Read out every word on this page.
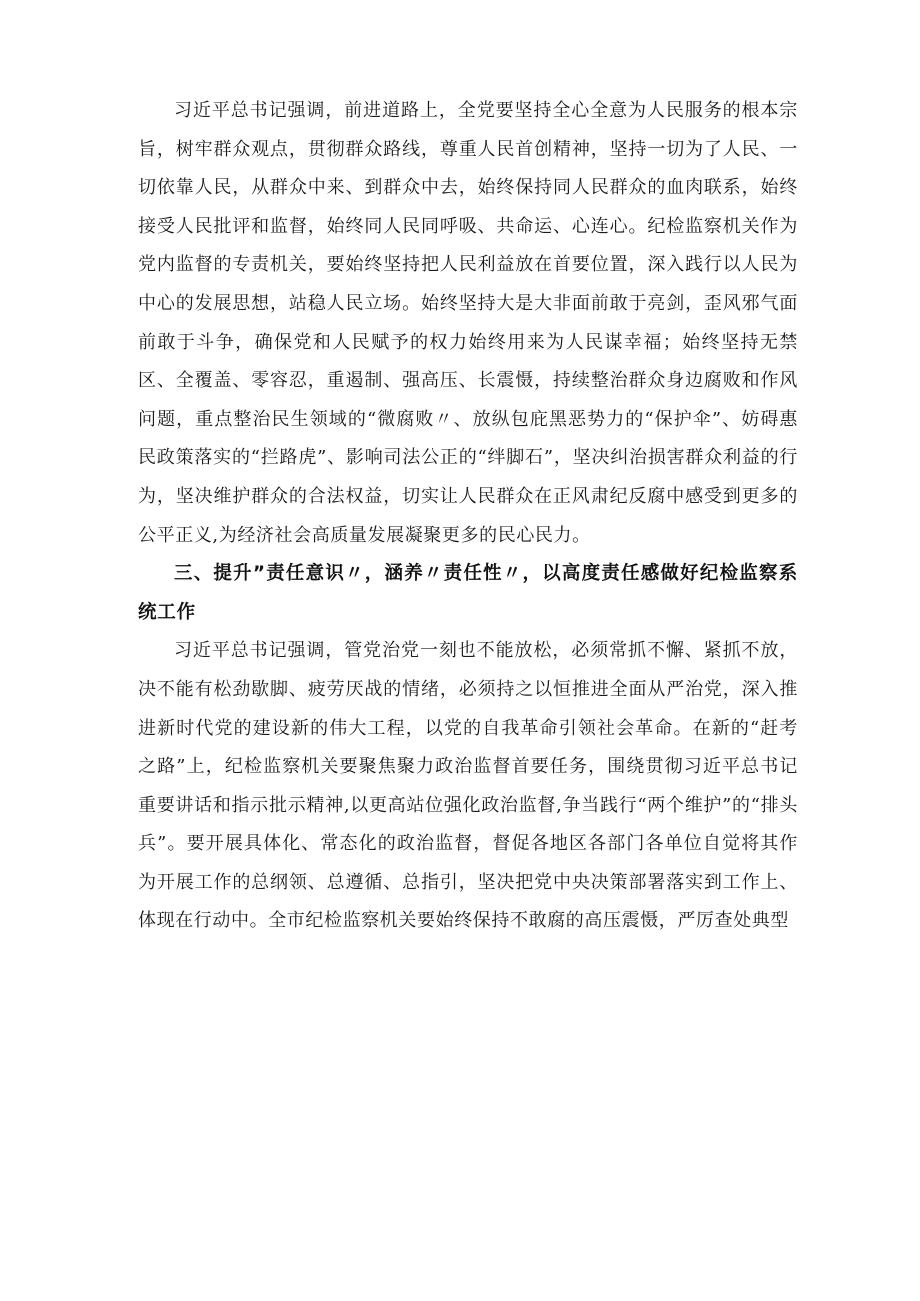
习近平总书记强调，前进道路上，全党要坚持全心全意为人民服务的根本宗旨，树牢群众观点，贯彻群众路线，尊重人民首创精神，坚持一切为了人民、一切依靠人民，从群众中来、到群众中去，始终保持同人民群众的血肉联系，始终接受人民批评和监督，始终同人民同呼吸、共命运、心连心。纪检监察机关作为党内监督的专责机关，要始终坚持把人民利益放在首要位置，深入践行以人民为中心的发展思想，站稳人民立场。始终坚持大是大非面前敢于亮剑，歪风邪气面前敢于斗争，确保党和人民赋予的权力始终用来为人民谋幸福；始终坚持无禁区、全覆盖、零容忍，重遏制、强高压、长震慑，持续整治群众身边腐败和作风问题，重点整治民生领域的“微腐败〃、放纵包庇黑恶势力的“保护伞”、妨碍惠民政策落实的“拦路虎”、影响司法公正的“绊脚石”，坚决纠治损害群众利益的行为，坚决维护群众的合法权益，切实让人民群众在正风肃纪反腐中感受到更多的公平正义,为经济社会高质量发展凝聚更多的民心民力。

三、提升”责任意识〃，涵养〃责任性〃，以高度责任感做好纪检监察系统工作

习近平总书记强调，管党治党一刻也不能放松，必须常抓不懈、紧抓不放，决不能有松劲歇脚、疲劳厌战的情绪，必须持之以恒推进全面从严治党，深入推进新时代党的建设新的伟大工程，以党的自我革命引领社会革命。在新的“赶考之路”上，纪检监察机关要聚焦聚力政治监督首要任务，围绕贯彻习近平总书记重要讲话和指示批示精神,以更高站位强化政治监督,争当践行“两个维护”的“排头兵”。要开展具体化、常态化的政治监督，督促各地区各部门各单位自觉将其作为开展工作的总纲领、总遵循、总指引，坚决把党中央决策部署落实到工作上、体现在行动中。全市纪检监察机关要始终保持不敢腐的高压震慑，严厉查处典型
